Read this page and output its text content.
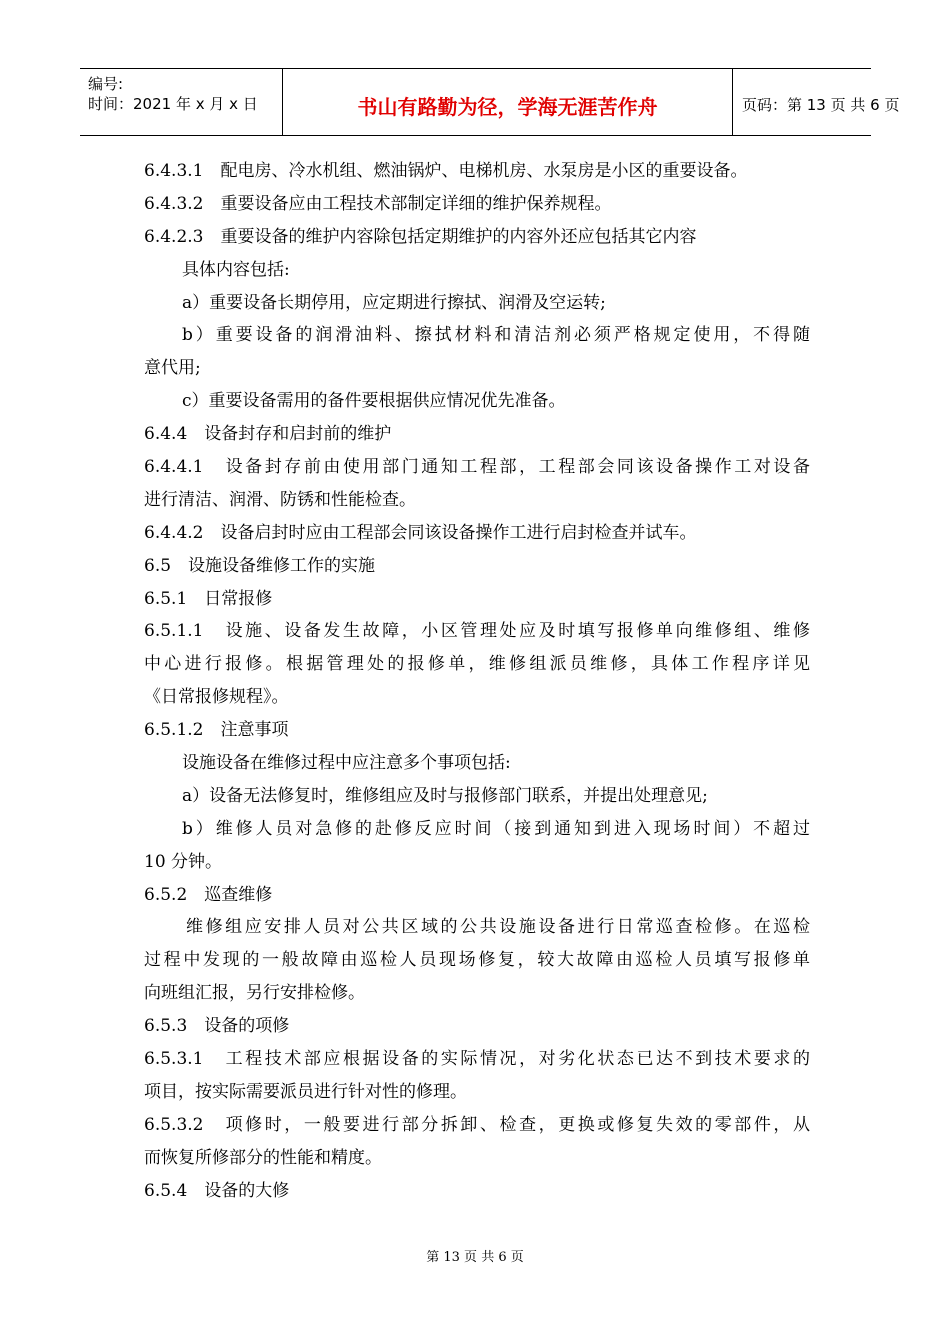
编号:
时间：2021 年 x 月 x 日	书山有路勤为径，学海无涯苦作舟	页码：第 13 页 共 6 页
6.4.3.1　配电房、冷水机组、燃油锅炉、电梯机房、水泵房是小区的重要设备。
6.4.3.2　重要设备应由工程技术部制定详细的维护保养规程。
6.4.2.3　重要设备的维护内容除包括定期维护的内容外还应包括其它内容
具体内容包括:
a）重要设备长期停用，应定期进行擦拭、润滑及空运转;
b）重要设备的润滑油料、擦拭材料和清洁剂必须严格规定使用，不得随
意代用;
c）重要设备需用的备件要根据供应情况优先准备。
6.4.4　设备封存和启封前的维护
6.4.4.1　设备封存前由使用部门通知工程部，工程部会同该设备操作工对设备
进行清洁、润滑、防锈和性能检查。
6.4.4.2　设备启封时应由工程部会同该设备操作工进行启封检查并试车。
6.5　设施设备维修工作的实施
6.5.1　日常报修
6.5.1.1　设施、设备发生故障，小区管理处应及时填写报修单向维修组、维修
中心进行报修。根据管理处的报修单，维修组派员维修，具体工作程序详见
《日常报修规程》。
6.5.1.2　注意事项
设施设备在维修过程中应注意多个事项包括:
a）设备无法修复时，维修组应及时与报修部门联系，并提出处理意见;
b）维修人员对急修的赴修反应时间（接到通知到进入现场时间）不超过
10 分钟。
6.5.2　巡查维修
维修组应安排人员对公共区域的公共设施设备进行日常巡查检修。在巡检
过程中发现的一般故障由巡检人员现场修复，较大故障由巡检人员填写报修单
向班组汇报，另行安排检修。
6.5.3　设备的项修
6.5.3.1　工程技术部应根据设备的实际情况，对劣化状态已达不到技术要求的
项目，按实际需要派员进行针对性的修理。
6.5.3.2　项修时，一般要进行部分拆卸、检查，更换或修复失效的零部件，从
而恢复所修部分的性能和精度。
6.5.4　设备的大修
第 13 页 共 6 页
